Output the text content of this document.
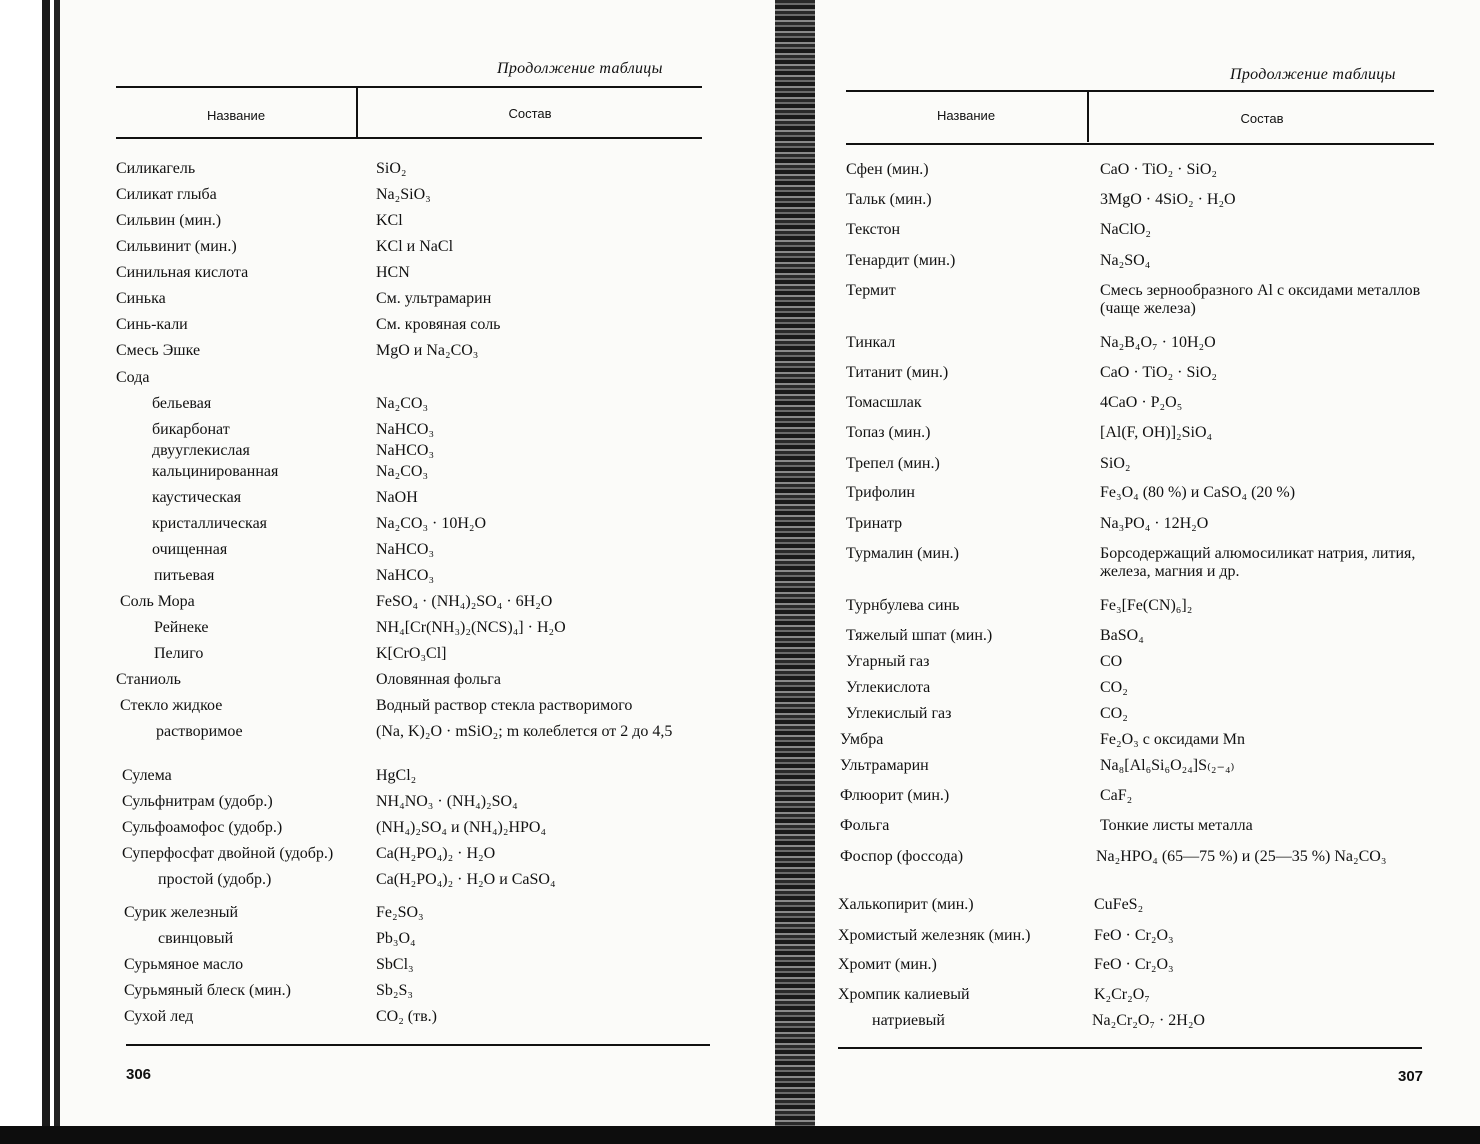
Продолжение таблицы
Название	Состав
Силикагель	SiO₂
Силикат глыба	Na₂SiO₃
Сильвин (мин.)	KCl
Сильвинит (мин.)	KCl и NaCl
Синильная кислота	HCN
Синька	См. ультрамарин
Синь-кали	См. кровяная соль
Смесь Эшке	MgO и Na₂CO₃
Сода
бельевая	Na₂CO₃
бикарбонат	NaHCO₃
двууглекислая	NaHCO₃
кальцинированная	Na₂CO₃
каустическая	NaOH
кристаллическая	Na₂CO₃ · 10H₂O
очищенная	NaHCO₃
питьевая	NaHCO₃
Соль Мора	FeSO₄ · (NH₄)₂SO₄ · 6H₂O
Рейнеке	NH₄[Cr(NH₃)₂(NCS)₄] · H₂O
Пелиго	K[CrO₃Cl]
Станиоль	Оловянная фольга
Стекло жидкое	Водный раствор стекла растворимого
растворимое	(Na, K)₂O · mSiO₂; m колеблется от 2 до 4,5
Сулема	HgCl₂
Сульфнитрам (удобр.)	NH₄NO₃ · (NH₄)₂SO₄
Сульфоамофос (удобр.)	(NH₄)₂SO₄ и (NH₄)₂HPO₄
Суперфосфат двойной (удобр.)	Ca(H₂PO₄)₂ · H₂O
простой (удобр.)	Ca(H₂PO₄)₂ · H₂O и CaSO₄
Сурик железный	Fe₂SO₃
свинцовый	Pb₃O₄
Сурьмяное масло	SbCl₃
Сурьмяный блеск (мин.)	Sb₂S₃
Сухой лед	CO₂ (тв.)
306
Продолжение таблицы
Название	Состав
Сфен (мин.)	CaO · TiO₂ · SiO₂
Тальк (мин.)	3MgO · 4SiO₂ · H₂O
Текстон	NaClO₂
Тенардит (мин.)	Na₂SO₄
Термит	Смесь зернообразного Al с оксидами металлов (чаще железа)
Тинкал	Na₂B₄O₇ · 10H₂O
Титанит (мин.)	CaO · TiO₂ · SiO₂
Томасшлак	4CaO · P₂O₅
Топаз (мин.)	[Al(F, OH)]₂SiO₄
Трепел (мин.)	SiO₂
Трифолин	Fe₃O₄ (80 %) и CaSO₄ (20 %)
Тринатр	Na₃PO₄ · 12H₂O
Турмалин (мин.)	Борсодержащий алюмосиликат натрия, лития, железа, магния и др.
Турнбулева синь	Fe₃[Fe(CN)₆]₂
Тяжелый шпат (мин.)	BaSO₄
Угарный газ	CO
Углекислота	CO₂
Углекислый газ	CO₂
Умбра	Fe₂O₃ с оксидами Mn
Ультрамарин	Na₈[Al₆Si₆O₂₄]S₍₂₋₄₎
Флюорит (мин.)	CaF₂
Фольга	Тонкие листы металла
Фоспор (фоссода)	Na₂HPO₄ (65—75 %) и (25—35 %) Na₂CO₃
Халькопирит (мин.)	CuFeS₂
Хромистый железняк (мин.)	FeO · Cr₂O₃
Хромит (мин.)	FeO · Cr₂O₃
Хромпик калиевый	K₂Cr₂O₇
натриевый	Na₂Cr₂O₇ · 2H₂O
307
